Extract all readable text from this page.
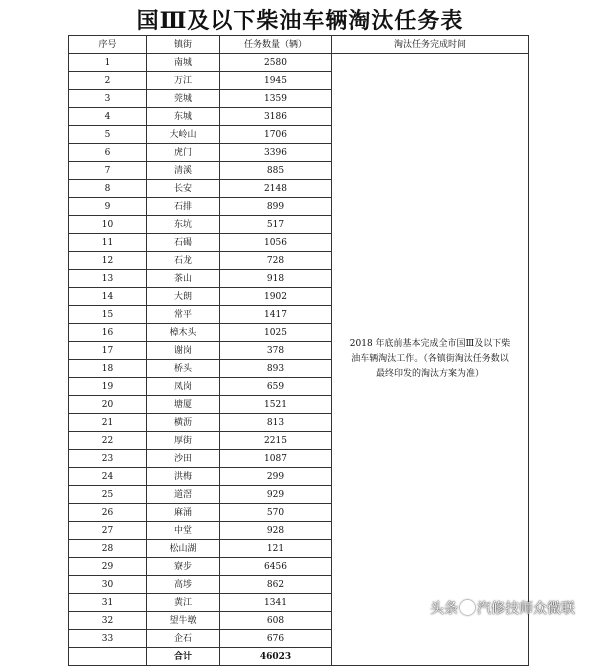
国Ⅲ及以下柴油车辆淘汰任务表
序号	镇街	任务数量（辆）	淘汰任务完成时间
1	南城	2580	2018 年底前基本完成全市国Ⅲ及以下柴油车辆淘汰工作。（各镇街淘汰任务数以最终印发的淘汰方案为准）
2	万江	1945	
3	莞城	1359	
4	东城	3186	
5	大岭山	1706	
6	虎门	3396	
7	清溪	885	
8	长安	2148	
9	石排	899	
10	东坑	517	
11	石碣	1056	
12	石龙	728	
13	茶山	918	
14	大朗	1902	
15	常平	1417	
16	樟木头	1025	
17	谢岗	378	
18	桥头	893	
19	凤岗	659	
20	塘厦	1521	
21	横沥	813	
22	厚街	2215	
23	沙田	1087	
24	洪梅	299	
25	道滘	929	
26	麻涌	570	
27	中堂	928	
28	松山湖	121	
29	寮步	6456	
30	高埗	862	
31	黄江	1341	
32	望牛墩	608	
33	企石	676	
	合计	46023	
头条 汽修技师众微联
